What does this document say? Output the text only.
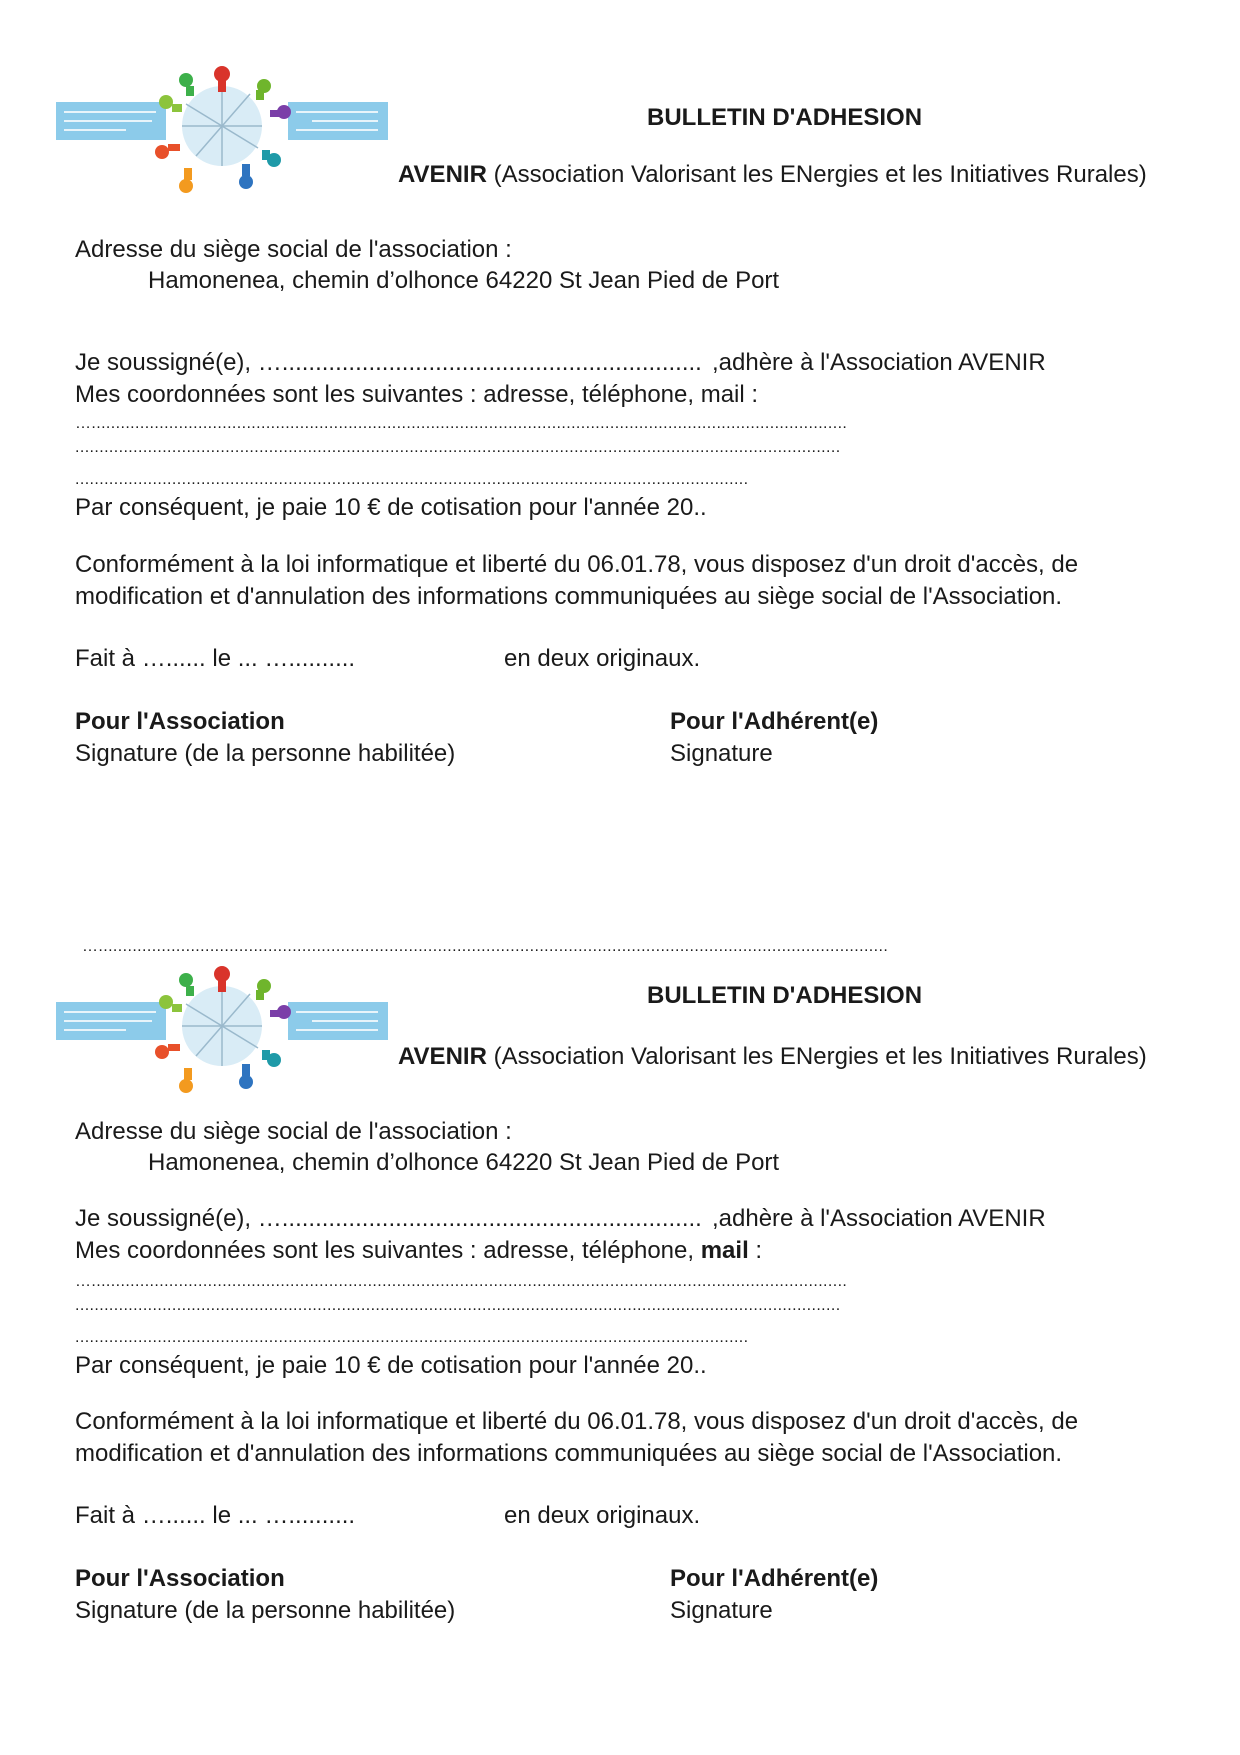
BULLETIN D'ADHESION
AVENIR (Association Valorisant les ENergies et les Initiatives Rurales)
Adresse du siège social de l'association :
Hamonenea, chemin d’olhonce 64220 St Jean Pied de Port
Je soussigné(e), …............................................................... ,adhère à l'Association AVENIR
Mes coordonnées sont les suivantes : adresse, téléphone, mail :
…............................................................................................................................................................
..............................................................................................................................................................
...........................................................................................................................................
Par conséquent, je paie 10 € de cotisation pour l'année 20..
Conformément à la loi informatique et liberté du 06.01.78, vous disposez d'un droit d'accès, de
modification et d'annulation des informations communiquées au siège social de l'Association.
Fait à …...... le ... …..........	en deux originaux.
Pour l'Association
Signature (de la personne habilitée)
Pour l'Adhérent(e)
Signature
…...................................................................................................................................................................
BULLETIN D'ADHESION
AVENIR (Association Valorisant les ENergies et les Initiatives Rurales)
Adresse du siège social de l'association :
Hamonenea, chemin d’olhonce 64220 St Jean Pied de Port
Je soussigné(e), …............................................................... ,adhère à l'Association AVENIR
Mes coordonnées sont les suivantes : adresse, téléphone, mail :
…............................................................................................................................................................
..............................................................................................................................................................
...........................................................................................................................................
Par conséquent, je paie 10 € de cotisation pour l'année 20..
Conformément à la loi informatique et liberté du 06.01.78, vous disposez d'un droit d'accès, de
modification et d'annulation des informations communiquées au siège social de l'Association.
Fait à …...... le ... …..........	en deux originaux.
Pour l'Association
Signature (de la personne habilitée)
Pour l'Adhérent(e)
Signature
